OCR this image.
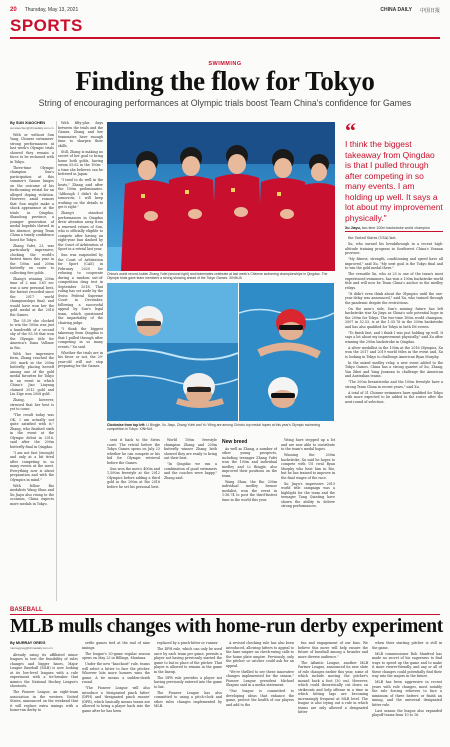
20 Thursday, May 13, 2021	CHINA DAILY 中国日报
SPORTS
SWIMMING
Finding the flow for Tokyo
String of encouraging performances at Olympic trials boost Team China's confidence for Games
By SUN XIAOCHEN
sunxiaochen@chinadaily.com.cn
With or without Sun Yang, Chinese swimmers' strong performances at last week's Olympic trials showed they remain a force to be reckoned with in Tokyo.
Three-time Olympic champion Sun's participation at this summer's Games hinges on the outcome of his forthcoming retrial for an alleged doping violation. However, amid rumors that Sun might make a shock appearance at the trials in Qingdao, Shandong province, a younger generation of medal hopefuls thrived in his absence, giving Team China a timely confidence boost for Tokyo.
Zhang Yufei, 23, was particularly impressive, clocking the world's fastest times this year in the 100m and 200m butterfly en route to collecting five golds.
Zhang's winning 200m time of 2 min 3.61 sec was a new personal best, the fastest recorded since the 2017 world championships final, and would have won her the gold medal at the 2016 Rio Games.
The 55.39 she clocked to win the 100m was just a hundredth of a second shy of the 55.38 that won the Olympic title for America's Dana Vollmer in Rio.
With her impressive form, Zhang reached the 200 mark in the 200m butterfly, placing herself among one of the gold medal favorites for Tokyo in an event in which China's Jiao Liuyang claimed 2012 gold and Liu Zige won 2008 gold.
Zhang, however, stressed that her best is yet to come.
"The result today was OK. I am actually not quite satisfied with it," Zhang, who finished sixth in the event at the Olympic debut in 2016, said after the 200m butterfly final in Qingdao.
"I am not fast (enough) and only at a bit tired after competing in so many events at the meet. Everything now is about preparation and with the Olympics in mind."
With fellow Rio medalists Wang Shun and Xu Jiayu also rising to the occasion, China expects more medals in Tokyo.
With fifty-plus days between the trials and the Games, Zhang and her teammates have enough time to sharpen their skills.
Still, Zhang is making no secret of her goal to bring home both golds, having swum 55.62 in the 100m - a time she believes can be bettered in Japan.
"I tend to do well in the heats," Zhang said after the 100m preliminaries. "Although I didn't do it tomorrow, I will keep working on the details to get it right."
Zhang's standout performances in Qingdao drew attention away from a renewed return of Sun, who is officially eligible to compete after having an eight-year ban slashed by the Court of Arbitration of Sport in a retrial last year.
Sun was suspended by the Court of Arbitration for Sport (CAS) in February 2020 for refusing to cooperate during a random out-of-competition drug test in September 2018. That ruling has set aside by the Swiss Federal Supreme Court in December, following a successful appeal by Sun's legal team, which questioned the impartiality of the chairing judge.
"I think the biggest takeaway from Qingdao is that I pulled through after competing in so many events," Xu said.
Whether the trials are in his favor or not, the 29-year-old will not stop preparing for the Games.
China's world record-holder Zhang Yufei (second right) and teammates celebrate at last week's Chinese swimming championships in Qingdao. The Olympic trials gave team members a strong showing ahead of the Tokyo Games. XINHUA
Clockwise from top left: Li Bingjie, Xu Jiayu, Zhang Yufei and Yu Yiting are among China's top medal hopes at this year's Olympic swimming competition in Tokyo. XINHUA
sent it back to the Swiss court. The retrial before the Tokyo Games opens on July 23 whether he can compete or his bid for Olympic retrieval before the Games.
Sun won the men's 400m and 1,500m freestyle at the 2012 Olympics before adding a third gold in the 200m at Rio 2016 before he set his personal best.
World 100m freestyle champion Zhang and 200m butterfly winner Zhang both showed they are ready to bring out their best.
"In Qingdao we ran a combination of good swimmers and the coaches were happy," Zhang said.
New breed
As well as Zhang, a number of other young prospects, including teenager Zhang Yufei won the 100m and individual medley and Li Bingjie, also improved their positions on the team.
Wang Shun, the Rio 200m individual medley bronze medalist, won the event in 1:56.74 to post the third-fastest time in the world this year.
Yiting have stepped up a lot and are now able to contribute to the team's medal hopes.
Winning the 200m backstroke, Xu said he hopes to compete with US rival Ryan Murphy who beat him in Rio, but he has trained to improve in the final stages of the race.
Xu Jiayu's impressive 2019 world title campaign was a highlight for the team and the teenager Tang Qianting have shown the ability to deliver strong performances.
“
I think the biggest takeaway from Qingdao is that I pulled through after competing in so many events. I am holding up well. It says a lot about my improvement physically."
Xu Jiayu, two-time 100m backstroke world champion
the United States (USA) last.
Xu, who earned his breakthrough in a recent high-altitude training program in Southwest China's Yunnan province.
"My fitness, strength, conditioning and speed have all improved," said Xu. "My next goal is the Tokyo final and to win the gold medal there."
The versatile Xu, who at 25 is one of the team's most experienced swimmers, has won a 100m backstroke world title and will now be Team China's anchor in the medley relays.
"It didn't even think about the Olympics until the one-year delay was announced," said Xu, who trained through the pandemic despite the restrictions.
On the men's side, Sun's missing future has left backstroke star Xu Jiayu as China's sole potential hope in the 200m for Tokyo. The two-time 100m world champion, 2007 in 52.53, is at the 1:55.76 in the 200m backstroke and has also qualified for Tokyo in both IM events.
"To finish fast, and I think I was just holding up well. It says a lot about my improvement physically," said Xu after winning the 200m backstroke in Qingdao.
A silver medallist in the 100m at the 2016 Olympics, Xu won the 2017 and 2019 world titles in the event and, Xu is looking in Tokyo to challenge American Ryan Murphy.
In the mixed medley relay, a new event added to the Tokyo Games, China has a strong quartet of Xu, Zhang, Yan Zibei and Yang Junxuan to challenge the American and Australian teams.
"The 200m breaststroke and the 100m freestyle have a strong Team China in recent years," said Xu.
A total of 31 Chinese swimmers have qualified for Tokyo with more expected to be added to the roster after the next round of selection.
BASEBALL
MLB mulls changes with home-run derby experiment
By MURRAY GREIG
murraygreig@chinadaily.com.cn
Already using its affiliated minor leagues to test the feasibility of rules changes and bigger bases, Major League Baseball (MLB) is now looking at its low-level leagues with a rule experiment with a tie-breaker that mimics the National Hockey League's shootouts.
The Pioneer League, an eight-team association in the western United States, announced on the weekend that it will replace extra innings with a home-run derby to
settle games tied at the end of nine innings.
The league's 30-game regular season opens on May 23 in Billings, Montana.
Under the new "knockout" rule, teams will select a hitter to face the pitcher. Whoever hits more homers wins the game. A tie means a sudden-death round.
"The Pioneer League will also introduce a 'designated pinch hitter' (DPH) and 'designated pinch runner' (DPR), which basically means teams are allowed to bring a player back into the game after he has been
replaced by a pinch-hitter or runner.
The DPH rule, which can only be used once by each team per game, permits a player not having previously started the game to bat in place of the pitcher. That player is allowed to remain in the game in the lineup.
The DPR rule provides a player not having previously entered into the game to bat.
The Pioneer League has also committed to using a pitch-clock and other rules changes implemented by MLB.
A revised checking rule has also been introduced, allowing hitters to appeal to the base umpire on check-swing calls to the home plate umpire. Previously, only the pitcher or catcher could ask for an appeal.
"We're thrilled to see these innovative changes implemented for the season," Pioneer League president Michael Shapiro said in a media statement.
"Our league is committed to developing ideas that enhance the game, protect the health of our players and add to the
fun and engagement of our fans. We believe this move will help ensure the future of baseball among a broader and more diverse audience."
The Atlantic League, another MLB Partner League, announced its new slate of rule changes earlier this year, some of which include moving the pitcher's mound back a foot (30 cm). However, which could theoretically cut down on strikeouts and help offense in a time in which hitting lags are becoming increasingly frequent at MLB level. The league is also trying out a rule in which teams are only allowed a designated hitter
when their starting pitcher is still in the game.
MLB commissioner Rob Manfred has made no secret of his eagerness to find ways to speed up the game and to make it more viewer-friendly, and any or all of these changes could potentially find their way into the majors in the future.
MLB has been aggressive in recent years with rule changes, most notably the rule forcing relievers to face a minimum of three batters or finish an inning, and the universal designated hitter rule.
Last season the league also expanded playoff teams from 10 to 16.
